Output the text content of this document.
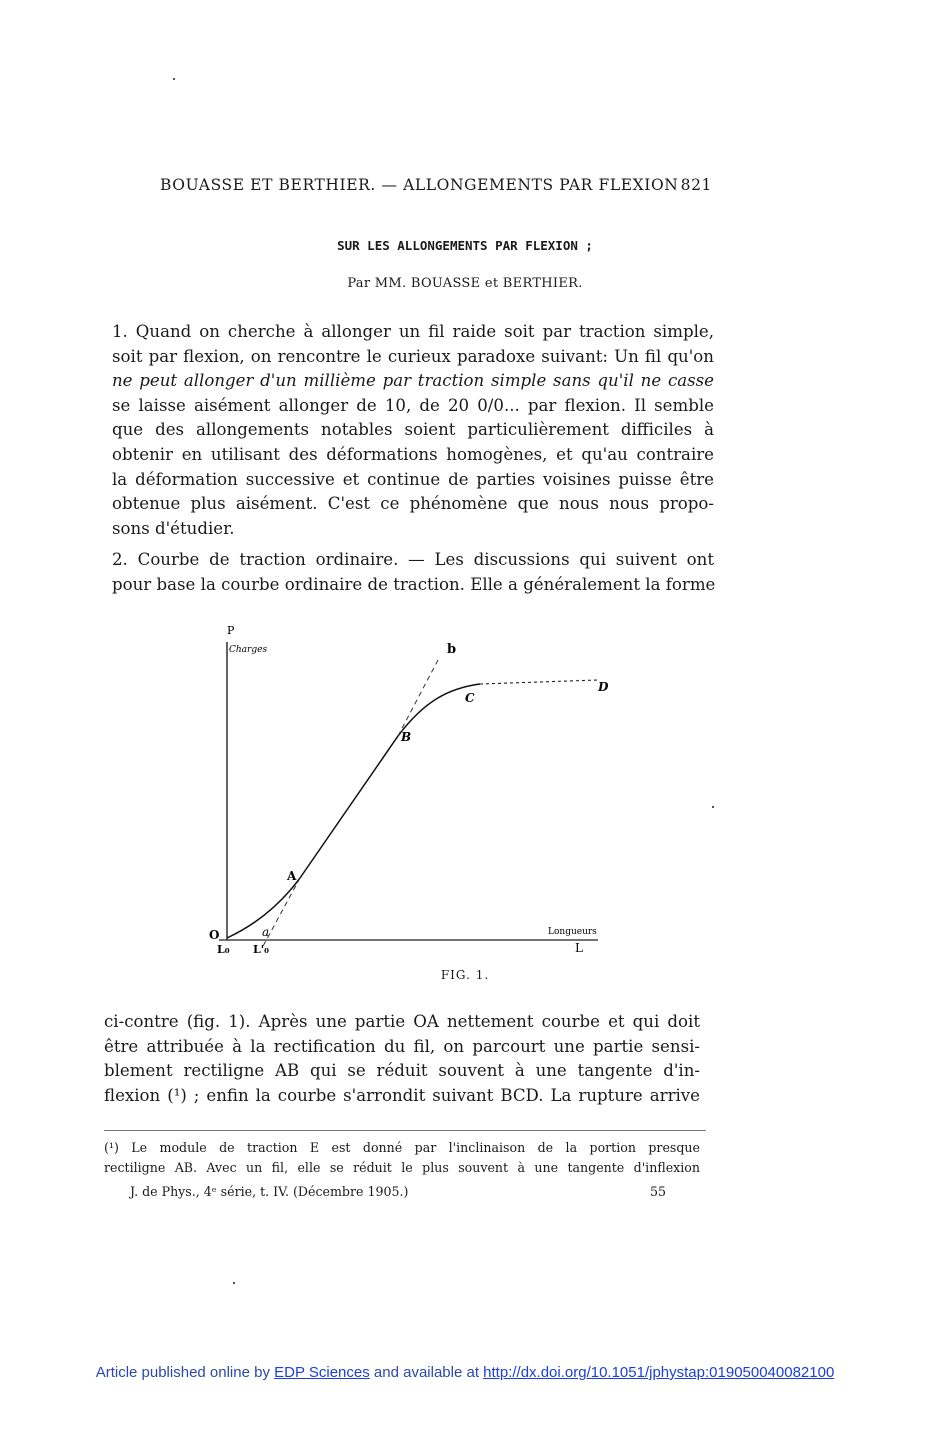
BOUASSE ET BERTHIER. — ALLONGEMENTS PAR FLEXION 821
SUR LES ALLONGEMENTS PAR FLEXION ;
Par MM. BOUASSE et BERTHIER.
1. Quand on cherche à allonger un fil raide soit par traction simple,
soit par flexion, on rencontre le curieux paradoxe suivant: Un fil qu'on
ne peut allonger d'un millième par traction simple sans qu'il ne casse
se laisse aisément allonger de 10, de 20 0/0... par flexion. Il semble
que des allongements notables soient particulièrement difficiles à
obtenir en utilisant des déformations homogènes, et qu'au contraire
la déformation successive et continue de parties voisines puisse être
obtenue plus aisément. C'est ce phénomène que nous nous propo-
sons d'étudier.
2. Courbe de traction ordinaire. — Les discussions qui suivent ont
pour base la courbe ordinaire de traction. Elle a généralement la forme
P
Charges
Longueurs
L
O	a
b
A
B
C
D
L₀ L'₀
FIG. 1.
ci-contre (fig. 1). Après une partie OA nettement courbe et qui doit
être attribuée à la rectification du fil, on parcourt une partie sensi-
blement rectiligne AB qui se réduit souvent à une tangente d'in-
flexion (¹) ; enfin la courbe s'arrondit suivant BCD. La rupture arrive
(¹) Le module de traction E est donné par l'inclinaison de la portion presque
rectiligne AB. Avec un fil, elle se réduit le plus souvent à une tangente d'inflexion
J. de Phys., 4ᵉ série, t. IV. (Décembre 1905.)	55
Article published online by EDP Sciences and available at http://dx.doi.org/10.1051/jphystap:019050040082100
